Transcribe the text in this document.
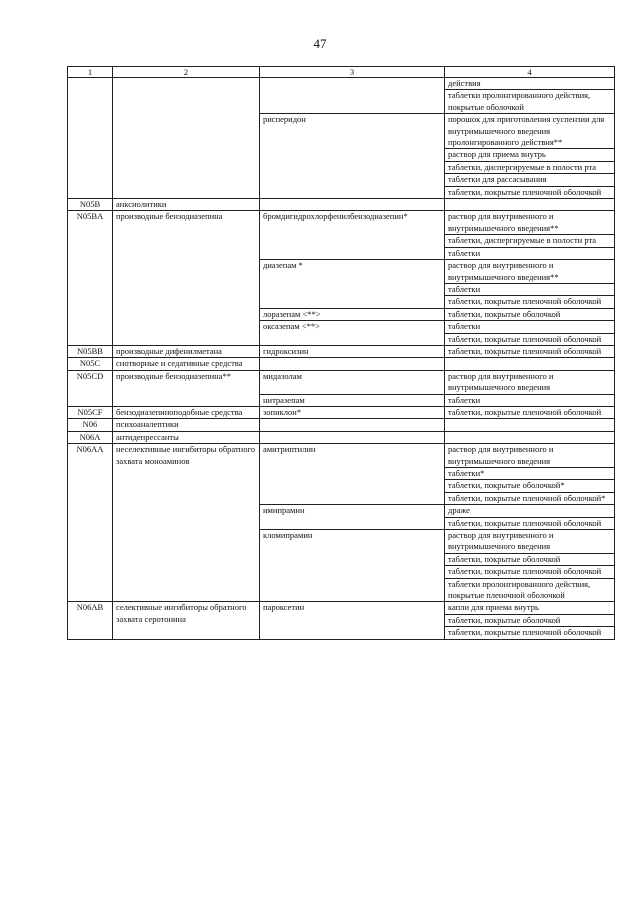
47
1	2	3	4
			действия
			таблетки пролонгированного действия, покрытые оболочкой
		рисперидон	порошок для приготовления суспензии для внутримышечного введения пролонгированного действия**
			раствор для приема внутрь
			таблетки, диспергируемые в полости рта
			таблетки для рассасывания
			таблетки, покрытые пленочной оболочкой
N05B	анксиолитики		
N05BA	производные бензодиазепина	бромдигидрохлорфенилбензодиазепин*	раствор для внутривенного и внутримышечного введения**
			таблетки, диспергируемые в полости рта
			таблетки
		диазепам *	раствор для внутривенного и внутримышечного введения**
			таблетки
			таблетки, покрытые пленочной оболочкой
		лоразепам <**>	таблетки, покрытые оболочкой
		оксазепам <**>	таблетки
			таблетки, покрытые пленочной оболочкой
N05BB	производные дифенилметана	гидроксизин	таблетки, покрытые пленочной оболочкой
N05C	снотворные и седативные средства		
N05CD	производные бензодиазепина**	мидазолам	раствор для внутривенного и внутримышечного введения
		нитразепам	таблетки
N05CF	бензодиазепиноподобные средства	зопиклон*	таблетки, покрытые пленочной оболочкой
N06	психоаналептики		
N06A	антидепрессанты		
N06AA	неселективные ингибиторы обратного захвата моноаминов	амитриптилин	раствор для внутривенного и внутримышечного введения
			таблетки*
			таблетки, покрытые оболочкой*
			таблетки, покрытые пленочной оболочкой*
		имипрамин	драже
			таблетки, покрытые пленочной оболочкой
		кломипрамин	раствор для внутривенного и внутримышечного введения
			таблетки, покрытые оболочкой
			таблетки, покрытые пленочной оболочкой
			таблетки пролонгированного действия, покрытые пленочной оболочкой
N06AB	селективные ингибиторы обратного захвата серотонина	пароксетин	капли для приема внутрь
			таблетки, покрытые оболочкой
			таблетки, покрытые пленочной оболочкой
